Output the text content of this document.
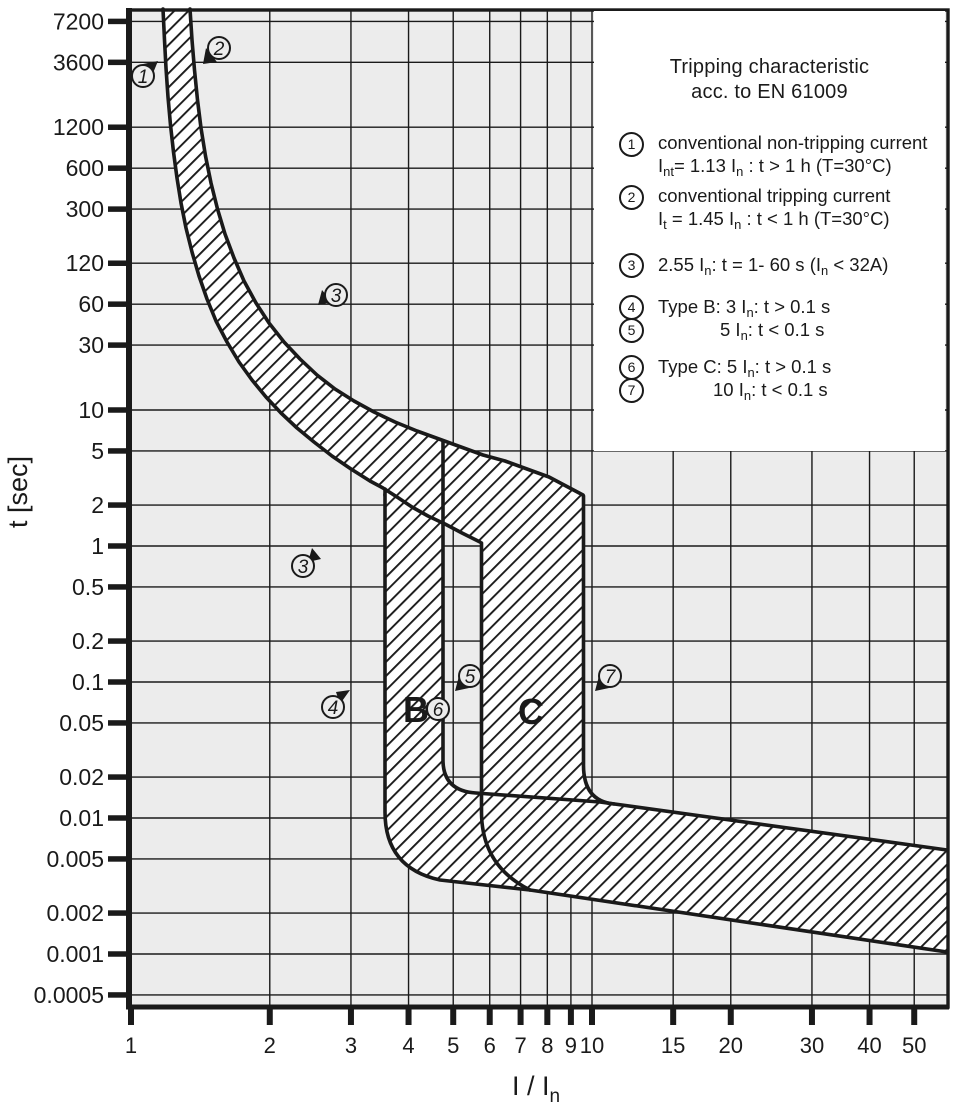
7200
3600
1200
600
300
120
60
30
10
5
2
1
0.5
0.2
0.1
0.05
0.02
0.01
0.005
0.002
0.001
0.0005
1	2	3 4 5 6 7 8 9 10	15 20	30 40 50
t [sec]
I / $I_n$
1
2
3
3
4
5
6
7
B C
Tripping characteristic
acc. to EN 61009
1	conventional non-tripping current
$I_{nt}= 1.13$ $I_n$ : t > 1 h (T=30°C)
2	conventional tripping current
$I_t = 1.45$ $I_n$ : t < 1 h (T=30°C)
3	2.55 $I_n$: t = 1- 60 s $(I_n < 32A)$
4	Type B: 3 $I_n$: t > 0.1 s
5	5 $I_n$: t < 0.1 s
6	Type C: 5 $I_n$: t > 0.1 s
7	10 $I_n$: t < 0.1 s
